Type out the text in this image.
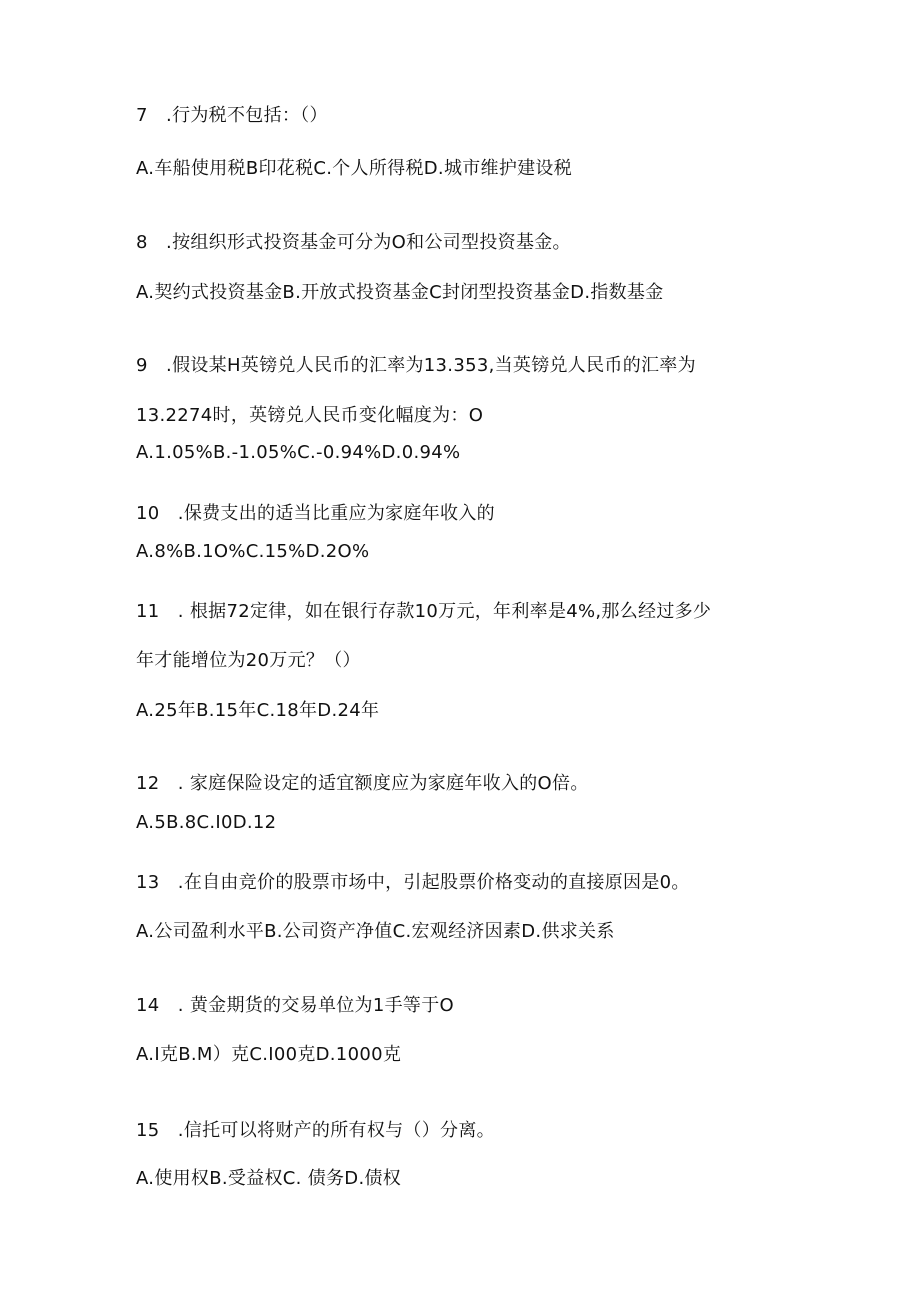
7　.行为税不包括：（）
A.车船使用税B印花税C.个人所得税D.城市维护建设税
8　.按组织形式投资基金可分为O和公司型投资基金。
A.契约式投资基金B.开放式投资基金C封闭型投资基金D.指数基金
9　.假设某H英镑兑人民币的汇率为13.353,当英镑兑人民币的汇率为
13.2274时，英镑兑人民币变化幅度为：O
A.1.05%B.-1.05%C.-0.94%D.0.94%
10　.保费支出的适当比重应为家庭年收入的
A.8%B.1O%C.15%D.2O%
11　. 根据72定律，如在银行存款10万元，年利率是4%,那么经过多少
年才能增位为20万元？（）
A.25年B.15年C.18年D.24年
12　. 家庭保险设定的适宜额度应为家庭年收入的O倍。
A.5B.8C.I0D.12
13　.在自由竞价的股票市场中，引起股票价格变动的直接原因是0。
A.公司盈利水平B.公司资产净值C.宏观经济因素D.供求关系
14　. 黄金期货的交易单位为1手等于O
A.I克B.M）克C.I00克D.1000克
15　.信托可以将财产的所有权与（）分离。
A.使用权B.受益权C. 债务D.债权
